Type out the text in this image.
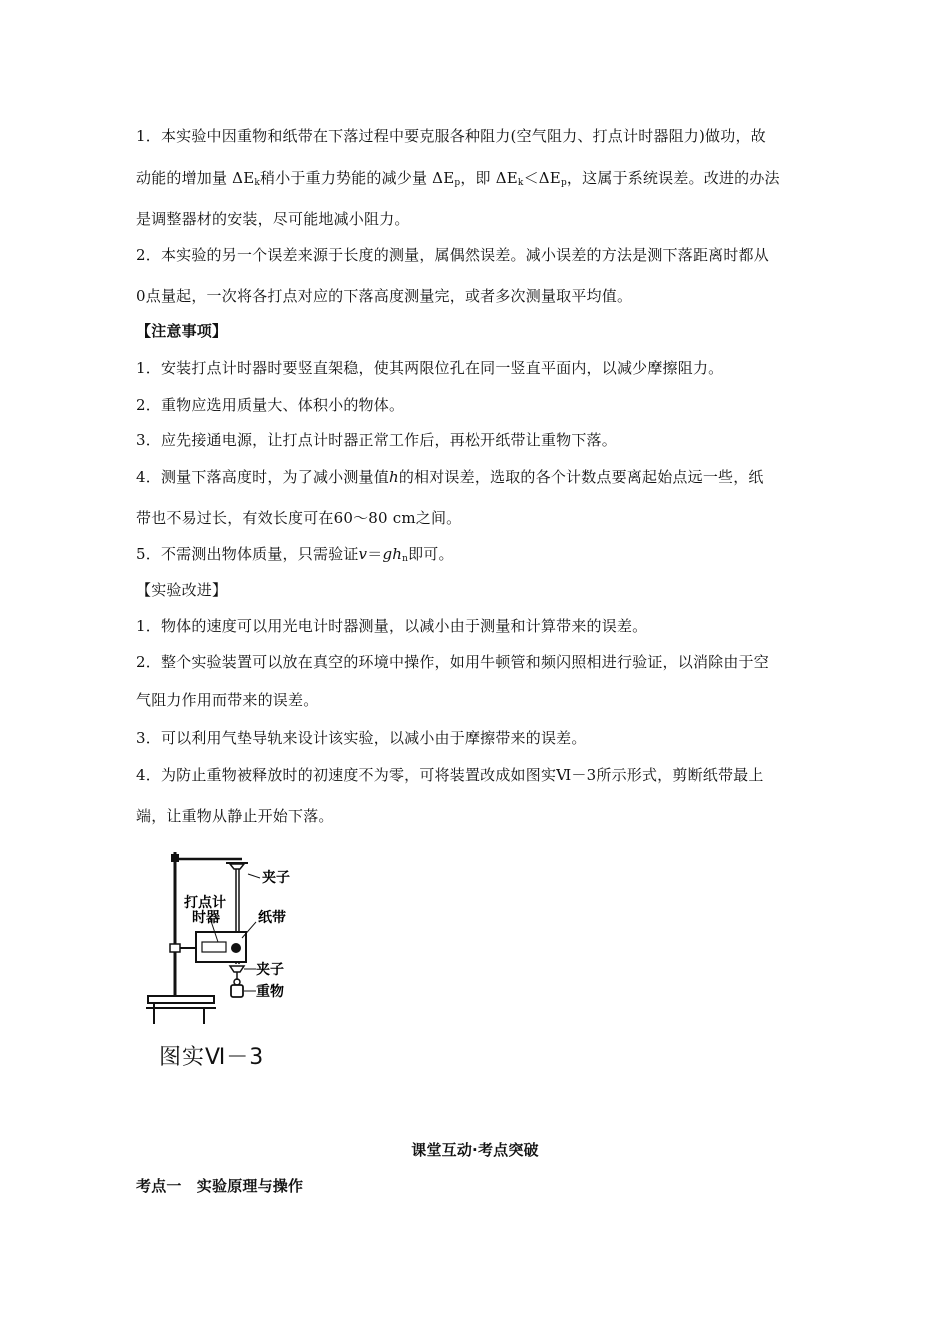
1．本实验中因重物和纸带在下落过程中要克服各种阻力(空气阻力、打点计时器阻力)做功，故
动能的增加量 $\Delta E_k$稍小于重力势能的减少量 $\Delta E_p$，即 $\Delta E_k<\Delta E_p$，这属于系统误差。改进的办法
是调整器材的安装，尽可能地减小阻力。
2．本实验的另一个误差来源于长度的测量，属偶然误差。减小误差的方法是测下落距离时都从
0点量起，一次将各打点对应的下落高度测量完，或者多次测量取平均值。
【注意事项】
1．安装打点计时器时要竖直架稳，使其两限位孔在同一竖直平面内，以减少摩擦阻力。
2．重物应选用质量大、体积小的物体。
3．应先接通电源，让打点计时器正常工作后，再松开纸带让重物下落。
4．测量下落高度时，为了减小测量值h的相对误差，选取的各个计数点要离起始点远一些，纸
带也不易过长，有效长度可在60～80 cm之间。
5．不需测出物体质量，只需验证$v=gh_n$即可。
【实验改进】
1．物体的速度可以用光电计时器测量，以减小由于测量和计算带来的误差。
2．整个实验装置可以放在真空的环境中操作，如用牛顿管和频闪照相进行验证，以消除由于空
气阻力作用而带来的误差。
3．可以利用气垫导轨来设计该实验，以减小由于摩擦带来的误差。
4．为防止重物被释放时的初速度不为零，可将装置改成如图实Ⅵ－3所示形式，剪断纸带最上
端，让重物从静止开始下落。
夹子
打点计
时器	纸带
夹子
重物
图实Ⅵ－3
课堂互动·考点突破
考点一　实验原理与操作
